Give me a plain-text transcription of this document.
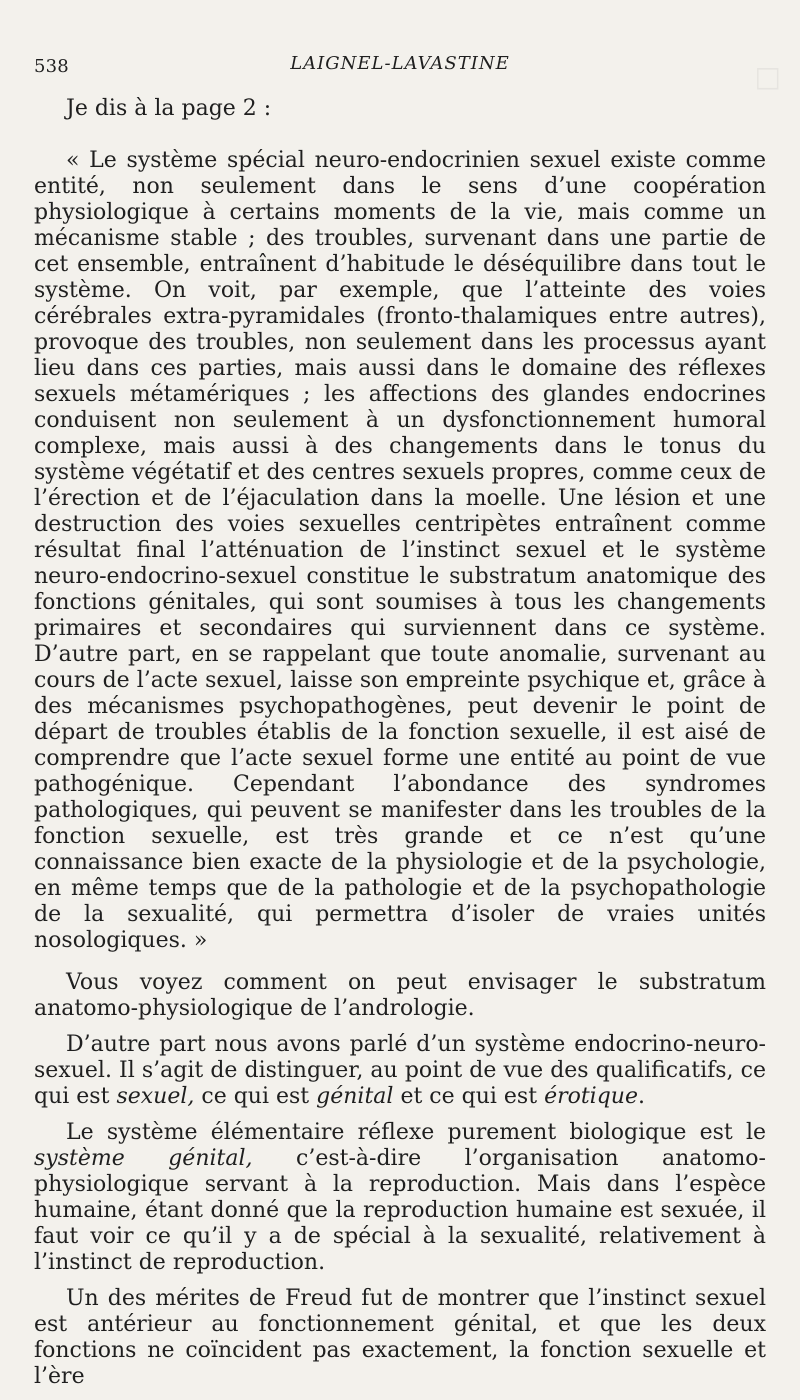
□
538	LAIGNEL-LAVASTINE
Je dis à la page 2 :

« Le système spécial neuro-endocrinien sexuel existe comme entité, non seulement dans le sens d’une coopération physiologique à certains moments de la vie, mais comme un mécanisme stable ; des troubles, survenant dans une partie de cet ensemble, entraînent d’habitude le déséquilibre dans tout le système. On voit, par exemple, que l’atteinte des voies cérébrales extra-pyramidales (fronto-thalamiques entre autres), provoque des troubles, non seulement dans les processus ayant lieu dans ces parties, mais aussi dans le domaine des réflexes sexuels métamériques ; les affections des glandes endocrines conduisent non seulement à un dysfonctionnement humoral complexe, mais aussi à des changements dans le tonus du système végétatif et des centres sexuels propres, comme ceux de l’érection et de l’éjaculation dans la moelle. Une lésion et une destruction des voies sexuelles centripètes entraînent comme résultat final l’atténuation de l’instinct sexuel et le système neuro-endocrino-sexuel constitue le substratum anatomique des fonctions génitales, qui sont soumises à tous les changements primaires et secondaires qui surviennent dans ce système. D’autre part, en se rappelant que toute anomalie, survenant au cours de l’acte sexuel, laisse son empreinte psychique et, grâce à des mécanismes psychopathogènes, peut devenir le point de départ de troubles établis de la fonction sexuelle, il est aisé de comprendre que l’acte sexuel forme une entité au point de vue pathogénique. Cependant l’abondance des syndromes pathologiques, qui peuvent se manifester dans les troubles de la fonction sexuelle, est très grande et ce n’est qu’une connaissance bien exacte de la physiologie et de la psychologie, en même temps que de la pathologie et de la psychopathologie de la sexualité, qui permettra d’isoler de vraies unités nosologiques. »

Vous voyez comment on peut envisager le substratum anatomo-physiologique de l’andrologie.

D’autre part nous avons parlé d’un système endocrino-neuro-sexuel. Il s’agit de distinguer, au point de vue des qualificatifs, ce qui est sexuel, ce qui est génital et ce qui est érotique.

Le système élémentaire réflexe purement biologique est le système génital, c’est-à-dire l’organisation anatomo-physiologique servant à la reproduction. Mais dans l’espèce humaine, étant donné que la reproduction humaine est sexuée, il faut voir ce qu’il y a de spécial à la sexualité, relativement à l’instinct de reproduction.

Un des mérites de Freud fut de montrer que l’instinct sexuel est antérieur au fonctionnement génital, et que les deux fonctions ne coïncident pas exactement, la fonction sexuelle et l’ère
